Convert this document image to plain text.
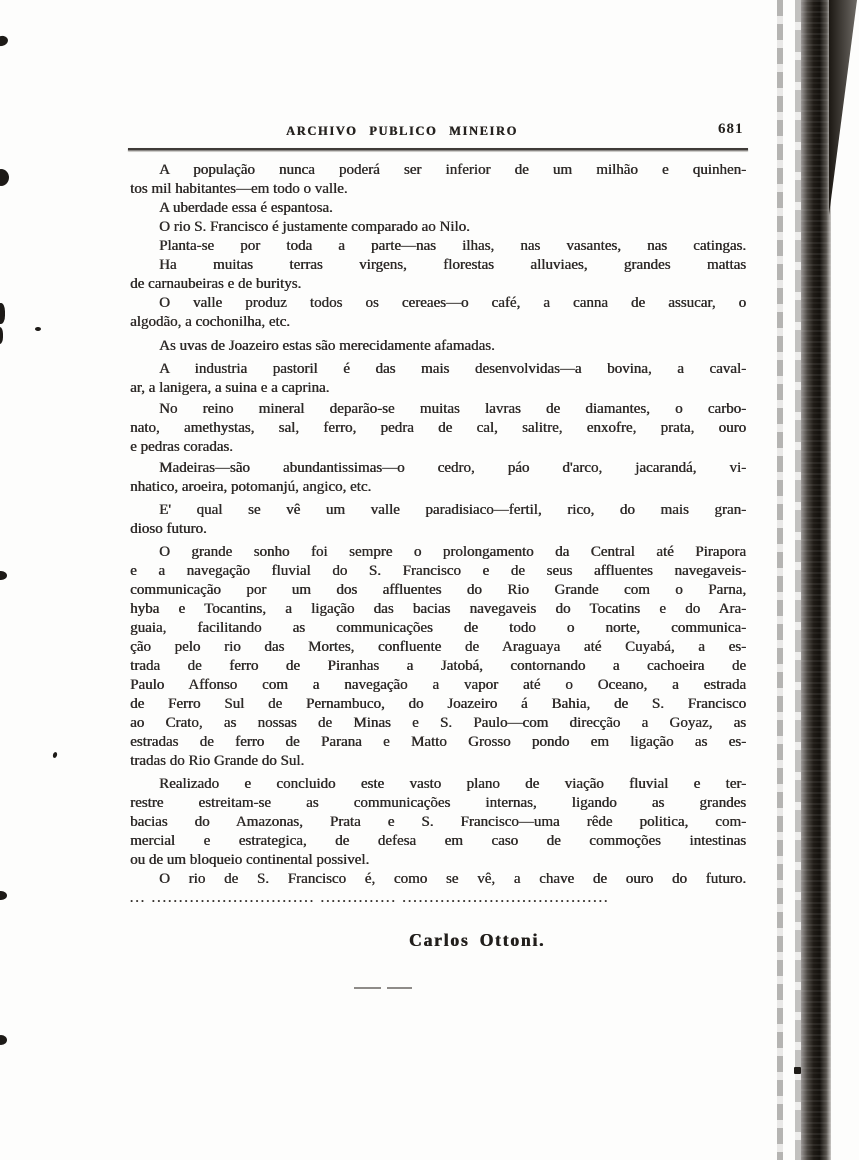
ARCHIVO PUBLICO MINEIRO	681
A população nunca poderá ser inferior de um milhão e quinhen-
tos mil habitantes—em todo o valle.
A uberdade essa é espantosa.
O rio S. Francisco é justamente comparado ao Nilo.
Planta-se por toda a parte—nas ilhas, nas vasantes, nas catingas.
Ha muitas terras virgens, florestas alluviaes, grandes mattas
de carnaubeiras e de buritys.
O valle produz todos os cereaes—o café, a canna de assucar, o
algodão, a cochonilha, etc.
As uvas de Joazeiro estas são merecidamente afamadas.
A industria pastoril é das mais desenvolvidas—a bovina, a caval-
ar, a lanigera, a suina e a caprina.
No reino mineral deparão-se muitas lavras de diamantes, o carbo-
nato, amethystas, sal, ferro, pedra de cal, salitre, enxofre, prata, ouro
e pedras coradas.
Madeiras—são abundantissimas—o cedro, páo d'arco, jacarandá, vi-
nhatico, aroeira, potomanjú, angico, etc.
E' qual se vê um valle paradisiaco—fertil, rico, do mais gran-
dioso futuro.
O grande sonho foi sempre o prolongamento da Central até Pirapora
e a navegação fluvial do S. Francisco e de seus affluentes navegaveis-
communicação por um dos affluentes do Rio Grande com o Parna,
hyba e Tocantins, a ligação das bacias navegaveis do Tocatins e do Ara-
guaia, facilitando as communicações de todo o norte, communica-
ção pelo rio das Mortes, confluente de Araguaya até Cuyabá, a es-
trada de ferro de Piranhas a Jatobá, contornando a cachoeira de
Paulo Affonso com a navegação a vapor até o Oceano, a estrada
de Ferro Sul de Pernambuco, do Joazeiro á Bahia, de S. Francisco
ao Crato, as nossas de Minas e S. Paulo—com direcção a Goyaz, as
estradas de ferro de Parana e Matto Grosso pondo em ligação as es-
tradas do Rio Grande do Sul.
Realizado e concluido este vasto plano de viação fluvial e ter-
restre estreitam-se as communicações internas, ligando as grandes
bacias do Amazonas, Prata e S. Francisco—uma rêde politica, com-
mercial e estrategica, de defesa em caso de commoções intestinas
ou de um bloqueio continental possivel.
O rio de S. Francisco é, como se vê, a chave de ouro do futuro.
... .............................. .............. ......................................
Carlos Ottoni.
